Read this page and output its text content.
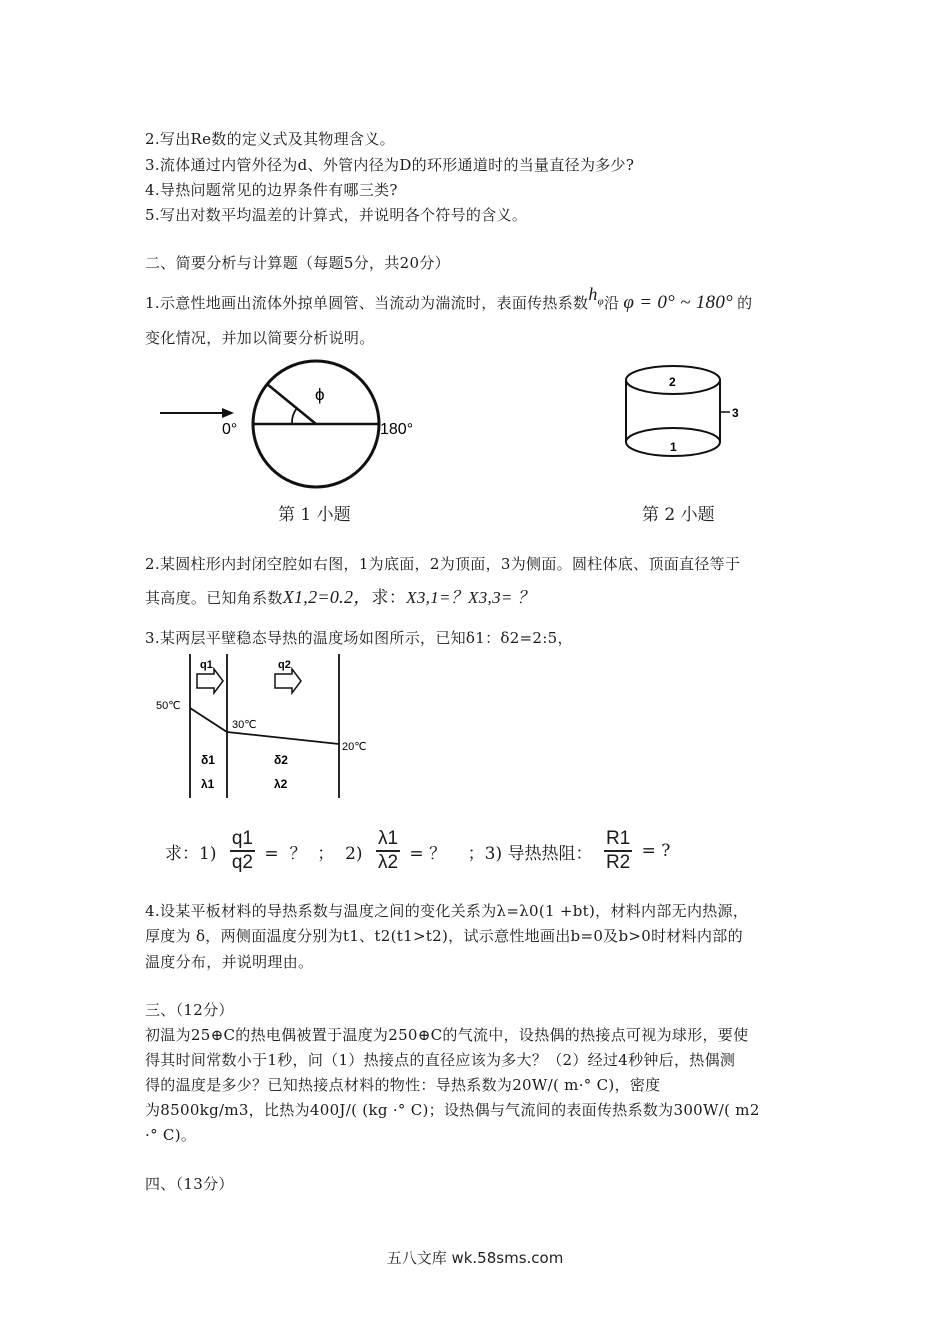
2.写出Re数的定义式及其物理含义。
3.流体通过内管外径为d、外管内径为D的环形通道时的当量直径为多少?
4.导热问题常见的边界条件有哪三类?
5.写出对数平均温差的计算式，并说明各个符号的含义。
二、简要分析与计算题（每题5分，共20分）
1.示意性地画出流体外掠单圆管、当流动为湍流时，表面传热系数$h_\varphi$沿 φ = 0° ~ 180° 的
变化情况，并加以简要分析说明。
ϕ
0°	180°
第 1 小题
2
1
3
第 2 小题
2.某圆柱形内封闭空腔如右图，1为底面，2为顶面，3为侧面。圆柱体底、顶面直径等于
其高度。已知角系数X1,2=0.2，求：X3,1=？X3,3= ？
3.某两层平壁稳态导热的温度场如图所示，已知δ1：δ2=2:5，
q1	q2
50℃
30℃
20℃
δ1	δ2
λ1	λ2
求：$1) \frac{q1}{q2}$ =  ？  ；  $2) \frac{\lambda 1}{\lambda 2}$ = ？    ；3) 导热热阻： $\frac{R1}{R2}$ = ?
4.设某平板材料的导热系数与温度之间的变化关系为λ=λ0(1 +bt)，材料内部无内热源，
厚度为 δ，两侧面温度分别为t1、t2(t1>t2)，试示意性地画出b=0及b>0时材料内部的
温度分布，并说明理由。
三、（12分）
初温为25⊕C的热电偶被置于温度为250⊕C的气流中，设热偶的热接点可视为球形，要使
得其时间常数小于1秒，问（1）热接点的直径应该为多大？（2）经过4秒钟后，热偶测
得的温度是多少？已知热接点材料的物性：导热系数为20W/( m·° C)，密度
为8500kg/m3，比热为400J/( (kg ·° C)；设热偶与气流间的表面传热系数为300W/( m2
·° C)。
四、（13分）
五八文库 wk.58sms.com
